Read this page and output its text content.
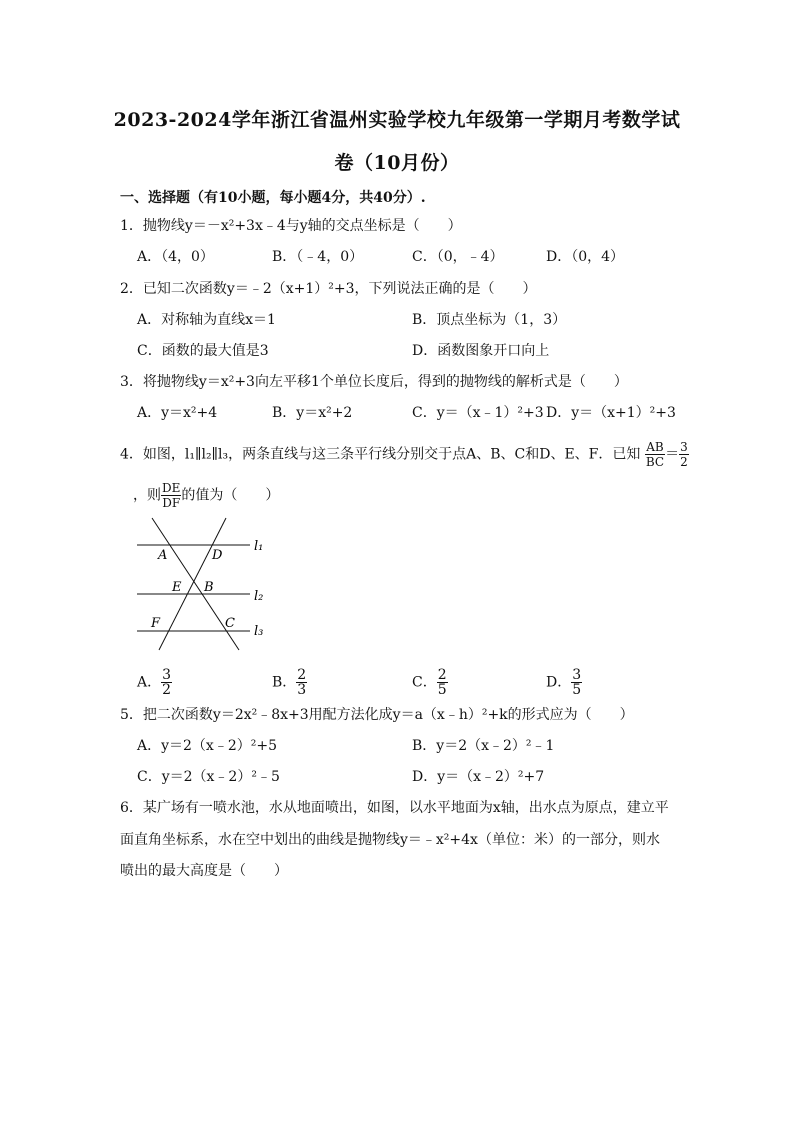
2023-2024学年浙江省温州实验学校九年级第一学期月考数学试
卷（10月份）
一、选择题（有10小题，每小题4分，共40分）.
1．抛物线y＝－x²+3x﹣4与y轴的交点坐标是（　　）
A．（4，0）	B．（﹣4，0）	C．（0，﹣4）	D．（0，4）
2．已知二次函数y＝﹣2（x+1）²+3，下列说法正确的是（　　）
A．对称轴为直线x＝1	B．顶点坐标为（1，3）
C．函数的最大值是3	D．函数图象开口向上
3．将抛物线y＝x²+3向左平移1个单位长度后，得到的抛物线的解析式是（　　）
A．y＝x²+4	B．y＝x²+2	C．y＝（x﹣1）²+3 D．y＝（x+1）²+3
4．如图，l₁∥l₂∥l₃，两条直线与这三条平行线分别交于点A、B、C和D、E、F．已知 $\frac{AB}{BC} = \frac{3}{2}$
，则 $\frac{DE}{DF}$ 的值为（　　）
A	D
E B
F	C
l₁
l₂
l₃
A． $\frac{3}{2}$	B． $\frac{2}{3}$	C． $\frac{2}{5}$	D． $\frac{3}{5}$
5．把二次函数y＝2x²﹣8x+3用配方法化成y＝a（x﹣h）²+k的形式应为（　　）
A．y＝2（x﹣2）²+5	B．y＝2（x﹣2）²﹣1
C．y＝2（x﹣2）²﹣5	D．y＝（x﹣2）²+7
6．某广场有一喷水池，水从地面喷出，如图，以水平地面为x轴，出水点为原点，建立平
面直角坐标系，水在空中划出的曲线是抛物线y＝﹣x²+4x（单位：米）的一部分，则水
喷出的最大高度是（　　）
